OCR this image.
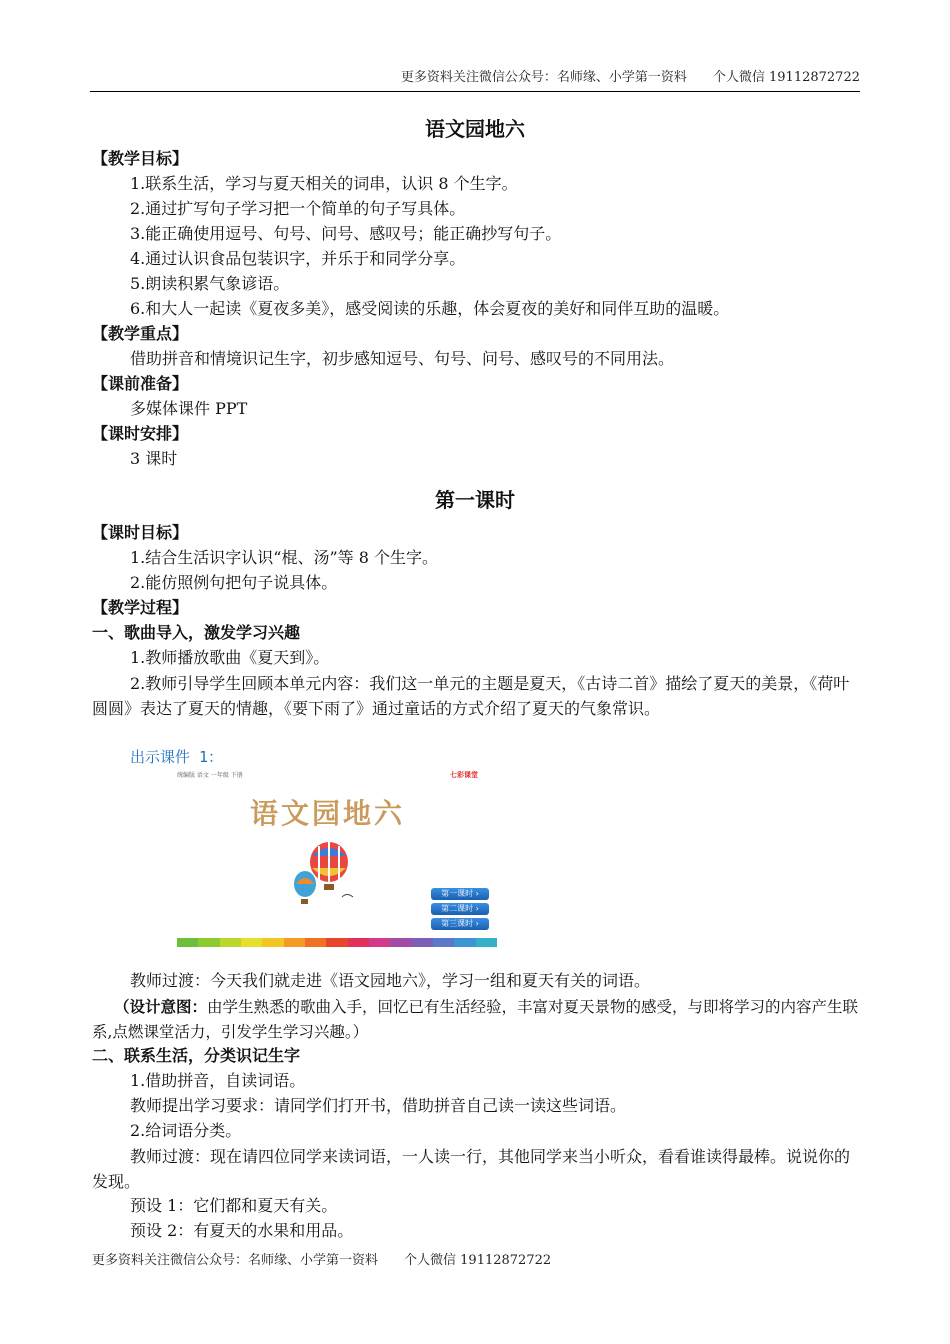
更多资料关注微信公众号：名师缘、小学第一资料 个人微信 19112872722
语文园地六
【教学目标】
1.联系生活，学习与夏天相关的词串，认识 8 个生字。
2.通过扩写句子学习把一个简单的句子写具体。
3.能正确使用逗号、句号、问号、感叹号；能正确抄写句子。
4.通过认识食品包装识字，并乐于和同学分享。
5.朗读积累气象谚语。
6.和大人一起读《夏夜多美》，感受阅读的乐趣，体会夏夜的美好和同伴互助的温暖。
【教学重点】
借助拼音和情境识记生字，初步感知逗号、句号、问号、感叹号的不同用法。
【课前准备】
多媒体课件 PPT
【课时安排】
3 课时
第一课时
【课时目标】
1.结合生活识字认识“棍、汤”等 8 个生字。
2.能仿照例句把句子说具体。
【教学过程】
一、歌曲导入，激发学习兴趣
1.教师播放歌曲《夏天到》。
2.教师引导学生回顾本单元内容：我们这一单元的主题是夏天，《古诗二首》描绘了夏天的美景，《荷叶圆圆》表达了夏天的情趣，《要下雨了》通过童话的方式介绍了夏天的气象常识。
出示课件 1：
统编版 语文 一年级 下册	七彩课堂
语文园地六
第一课时 ›
第二课时 ›
第三课时 ›
教师过渡：今天我们就走进《语文园地六》，学习一组和夏天有关的词语。
（设计意图：由学生熟悉的歌曲入手，回忆已有生活经验，丰富对夏天景物的感受，与即将学习的内容产生联系,点燃课堂活力，引发学生学习兴趣。）
二、联系生活，分类识记生字
1.借助拼音，自读词语。
教师提出学习要求：请同学们打开书，借助拼音自己读一读这些词语。
2.给词语分类。
教师过渡：现在请四位同学来读词语，一人读一行，其他同学来当小听众，看看谁读得最棒。说说你的发现。
预设 1：它们都和夏天有关。
预设 2：有夏天的水果和用品。
更多资料关注微信公众号：名师缘、小学第一资料 个人微信 19112872722
